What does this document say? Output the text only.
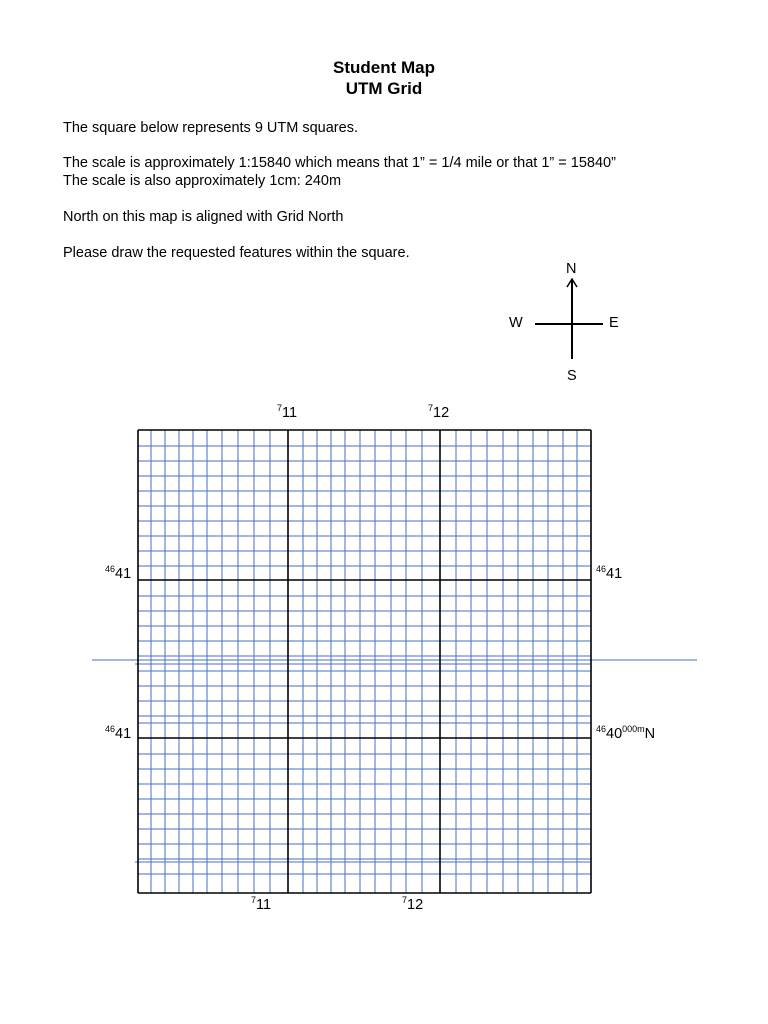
Student Map
UTM Grid
The square below represents 9 UTM squares.
The scale is approximately 1:15840 which means that 1” = 1/4 mile or that 1” = 15840”
The scale is also approximately 1cm: 240m
North on this map is aligned with Grid North
Please draw the requested features within the square.
N
S
E
W
$^7$11	$^7$12
$^7$11	$^7$12
$^{46}$41
$^{46}$41
$^{46}$41
$^{46}40^{000m}N$
